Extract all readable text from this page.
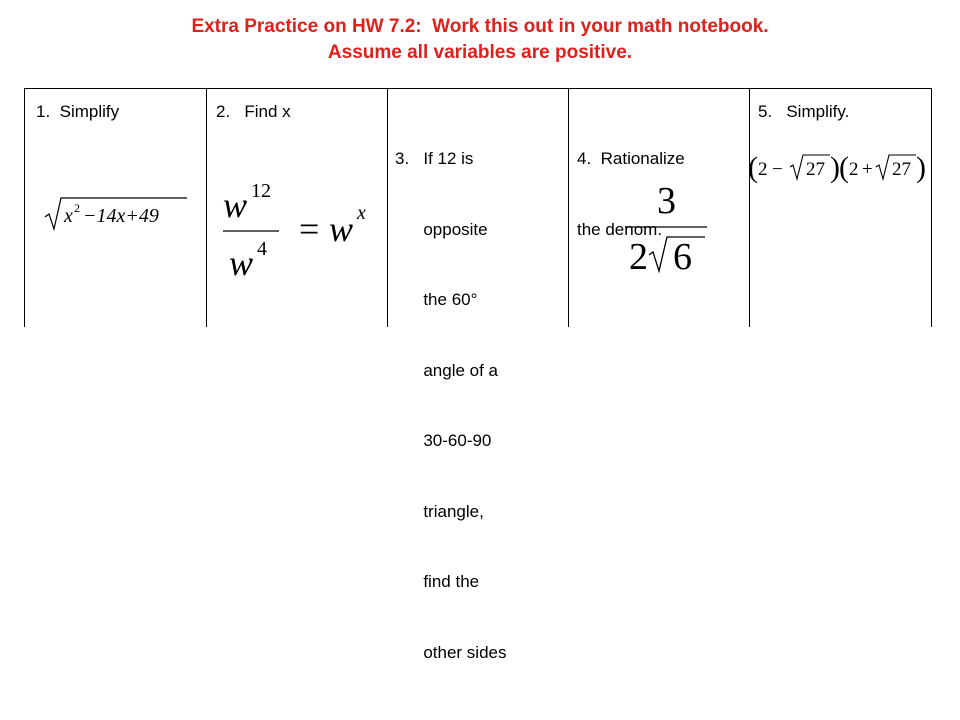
Extra Practice on HW 7.2:  Work this out in your math notebook.
Assume all variables are positive.
1.  Simplify
x 2 −14x+49
2.   Find x
w 12
w 4 = w x

3.   If 12 is

opposite

the 60°

angle of a

30-60-90

triangle,

find the

other sides

4.  Rationalize

the denom.

3
2 6
5.   Simplify.
( 2 − 27 ) ( 2 + 27 )
